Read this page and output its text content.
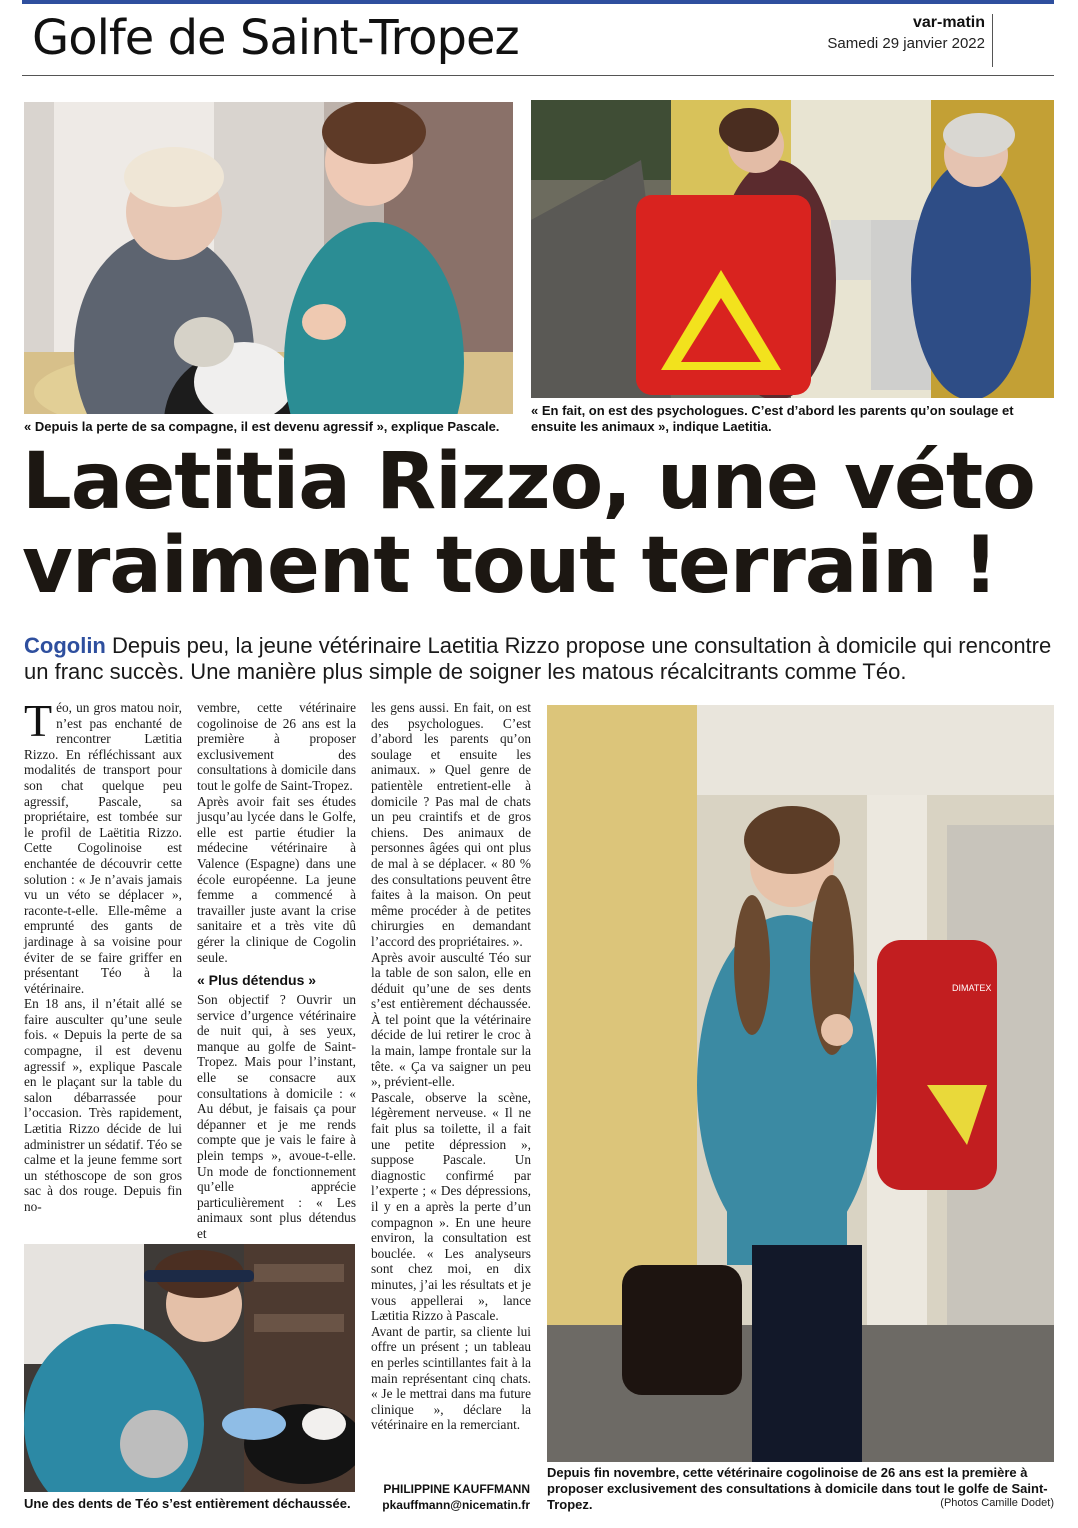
Golfe de Saint-Tropez	var-matin
Samedi 29 janvier 2022
« Depuis la perte de sa compagne, il est devenu agressif », explique Pascale.
« En fait, on est des psychologues. C’est d’abord les parents qu’on soulage et ensuite les animaux », indique Laetitia.
Laetitia Rizzo, une véto
vraiment tout terrain !
Cogolin Depuis peu, la jeune vétérinaire Laetitia Rizzo propose une consultation à domicile qui rencontre un franc succès. Une manière plus simple de soigner les matous récalcitrants comme Téo.

Téo, un gros matou noir, n’est pas enchanté de rencontrer Lætitia Rizzo. En réfléchissant aux modalités de transport pour son chat quelque peu agressif, Pascale, sa propriétaire, est tombée sur le profil de Laëtitia Rizzo. Cette Cogolinoise est enchantée de découvrir cette solution : « Je n’avais jamais vu un véto se déplacer », raconte-t-elle. Elle-même a emprunté des gants de jardinage à sa voisine pour éviter de se faire griffer en présentant Téo à la vétérinaire.

En 18 ans, il n’était allé se faire ausculter qu’une seule fois. « Depuis la perte de sa compagne, il est devenu agressif », explique Pascale en le plaçant sur la table du salon débarrassée pour l’occasion. Très rapidement, Lætitia Rizzo décide de lui administrer un sédatif. Téo se calme et la jeune femme sort un stéthoscope de son gros sac à dos rouge. Depuis fin no-

Une des dents de Téo s’est entièrement déchaussée.

vembre, cette vétérinaire cogolinoise de 26 ans est la première à proposer exclusivement des consultations à domicile dans tout le golfe de Saint-Tropez.

Après avoir fait ses études jusqu’au lycée dans le Golfe, elle est partie étudier la médecine vétérinaire à Valence (Espagne) dans une école européenne. La jeune femme a commencé à travailler juste avant la crise sanitaire et a très vite dû gérer la clinique de Cogolin seule.

« Plus détendus »

Son objectif ? Ouvrir un service d’urgence vétérinaire de nuit qui, à ses yeux, manque au golfe de Saint-Tropez. Mais pour l’instant, elle se consacre aux consultations à domicile : « Au début, je faisais ça pour dépanner et je me rends compte que je vais le faire à plein temps », avoue-t-elle. Un mode de fonctionnement qu’elle apprécie particulièrement : « Les animaux sont plus détendus et

les gens aussi. En fait, on est des psychologues. C’est d’abord les parents qu’on soulage et ensuite les animaux. » Quel genre de patientèle entretient-elle à domicile ? Pas mal de chats un peu craintifs et de gros chiens. Des animaux de personnes âgées qui ont plus de mal à se déplacer. « 80 % des consultations peuvent être faites à la maison. On peut même procéder à de petites chirurgies en demandant l’accord des propriétaires. ».

Après avoir ausculté Téo sur la table de son salon, elle en déduit qu’une de ses dents s’est entièrement déchaussée. À tel point que la vétérinaire décide de lui retirer le croc à la main, lampe frontale sur la tête. « Ça va saigner un peu », prévient-elle.

Pascale, observe la scène, légèrement nerveuse. « Il ne fait plus sa toilette, il a fait une petite dépression », suppose Pascale. Un diagnostic confirmé par l’experte ; « Des dépressions, il y en a après la perte d’un compagnon ». En une heure environ, la consultation est bouclée. « Les analyseurs sont chez moi, en dix minutes, j’ai les résultats et je vous appellerai », lance Lætitia Rizzo à Pascale.

Avant de partir, sa cliente lui offre un présent ; un tableau en perles scintillantes fait à la main représentant cinq chats. « Je le mettrai dans ma future clinique », déclare la vétérinaire en la remerciant.

PHILIPPINE KAUFFMANN
pkauffmann@nicematin.fr
DIMATEX
Depuis fin novembre, cette vétérinaire cogolinoise de 26 ans est la première à proposer exclusivement des consultations à domicile dans tout le golfe de Saint-Tropez.	(Photos Camille Dodet)
